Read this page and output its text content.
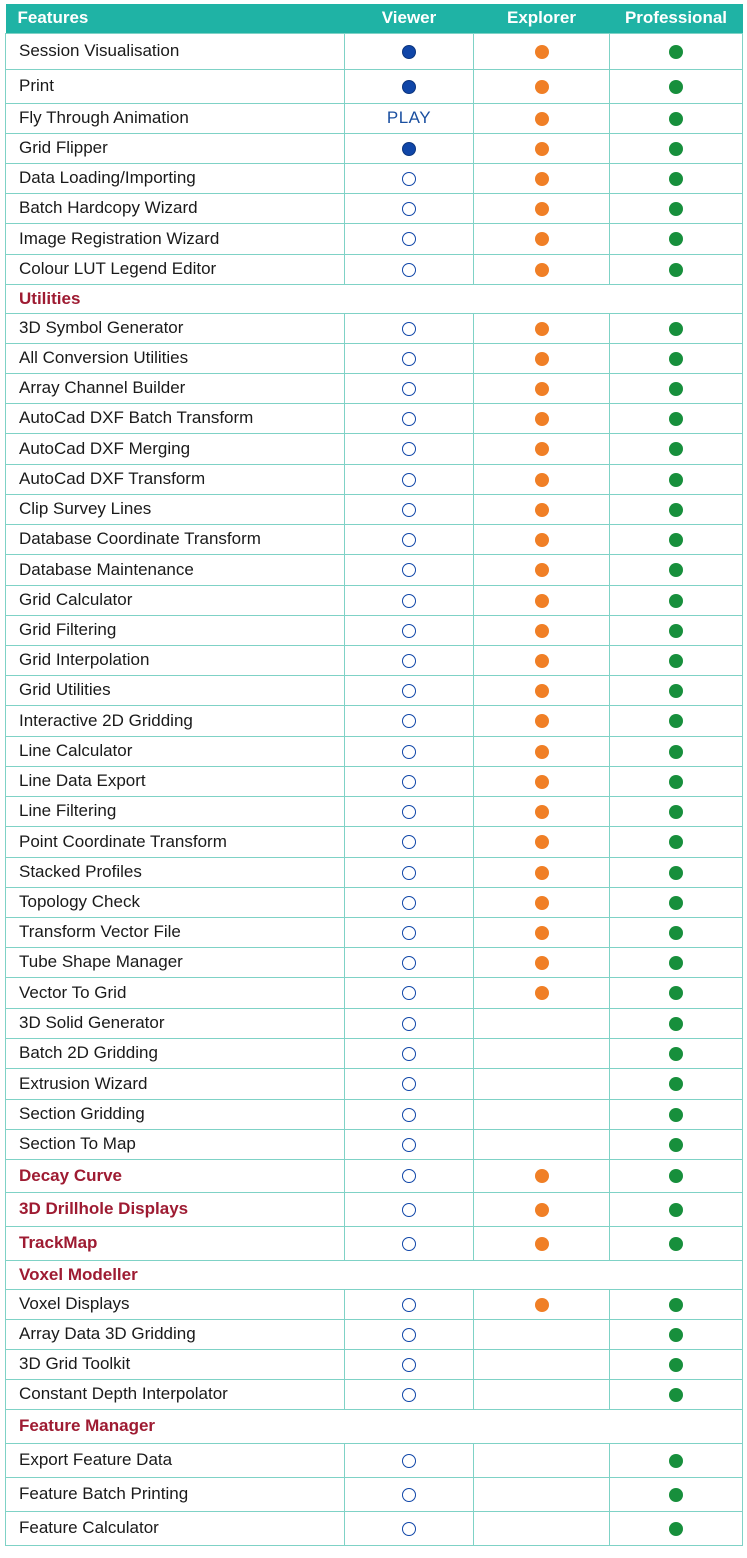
Features	Viewer	Explorer	Professional
Session Visualisation			
Print			
Fly Through Animation	PLAY		
Grid Flipper			
Data Loading/Importing			
Batch Hardcopy Wizard			
Image Registration Wizard			
Colour LUT Legend Editor			
Utilities			
3D Symbol Generator			
All Conversion Utilities			
Array Channel Builder			
AutoCad DXF Batch Transform			
AutoCad DXF Merging			
AutoCad DXF Transform			
Clip Survey Lines			
Database Coordinate Transform			
Database Maintenance			
Grid Calculator			
Grid Filtering			
Grid Interpolation			
Grid Utilities			
Interactive 2D Gridding			
Line Calculator			
Line Data Export			
Line Filtering			
Point Coordinate Transform			
Stacked Profiles			
Topology Check			
Transform Vector File			
Tube Shape Manager			
Vector To Grid			
3D Solid Generator			
Batch 2D Gridding			
Extrusion Wizard			
Section Gridding			
Section To Map			
Decay Curve			
3D Drillhole Displays			
TrackMap			
Voxel Modeller			
Voxel Displays			
Array Data 3D Gridding			
3D Grid Toolkit			
Constant Depth Interpolator			
Feature Manager			
Export Feature Data			
Feature Batch Printing			
Feature Calculator			
